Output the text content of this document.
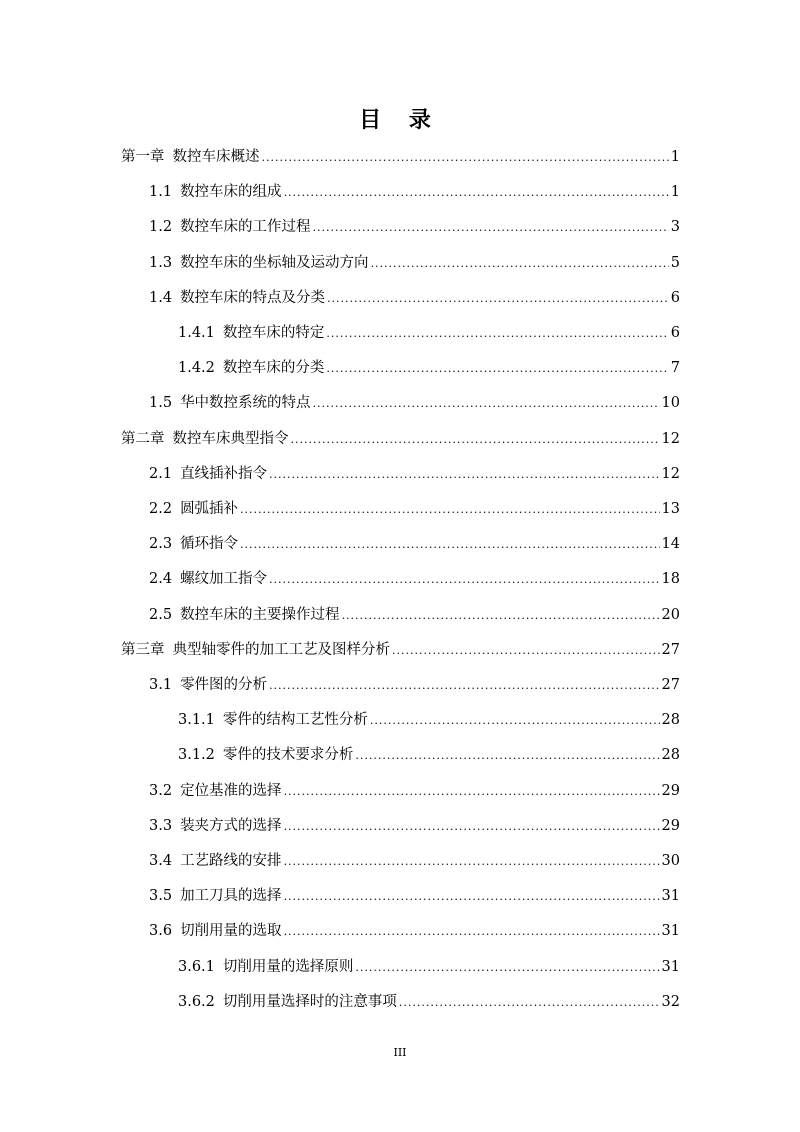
目 录
第一章 数控车床概述 .....	1
1.1 数控车床的组成 .....	1
1.2 数控车床的工作过程 .....	3
1.3 数控车床的坐标轴及运动方向 .....	5
1.4 数控车床的特点及分类 .....	6
1.4.1 数控车床的特定 .....	6
1.4.2 数控车床的分类 .....	7
1.5 华中数控系统的特点 .....	10
第二章 数控车床典型指令 .....	12
2.1 直线插补指令 .....	12
2.2 圆弧插补 .....	13
2.3 循环指令 .....	14
2.4 螺纹加工指令 .....	18
2.5 数控车床的主要操作过程 .....	20
第三章 典型轴零件的加工工艺及图样分析 .....	27
3.1 零件图的分析 .....	27
3.1.1 零件的结构工艺性分析 .....	28
3.1.2 零件的技术要求分析 .....	28
3.2 定位基准的选择 .....	29
3.3 装夹方式的选择 .....	29
3.4 工艺路线的安排 .....	30
3.5 加工刀具的选择 .....	31
3.6 切削用量的选取 .....	31
3.6.1 切削用量的选择原则 .....	31
3.6.2 切削用量选择时的注意事项 .....	32
III
